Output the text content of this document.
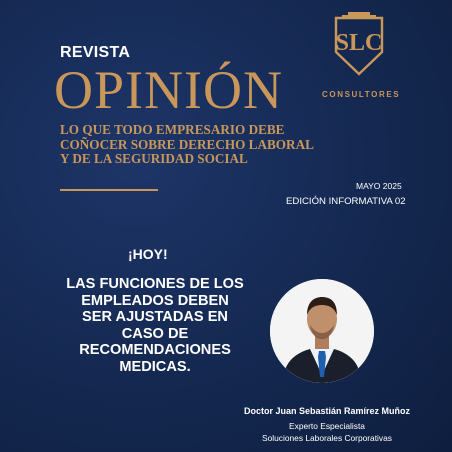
REVISTA
OPINIÓN
LO QUE TODO EMPRESARIO DEBE
COÑOCER SOBRE DERECHO LABORAL
Y DE LA SEGURIDAD SOCIAL
MAYO 2025
EDICIÓN INFORMATIVA 02
SLC
CONSULTORES
¡HOY!
LAS FUNCIONES DE LOS
EMPLEADOS DEBEN
SER AJUSTADAS EN
CASO DE
RECOMENDACIONES
MEDICAS.
Doctor Juan Sebastián Ramírez Muñoz
Experto Especialista
Soluciones Laborales Corporativas
